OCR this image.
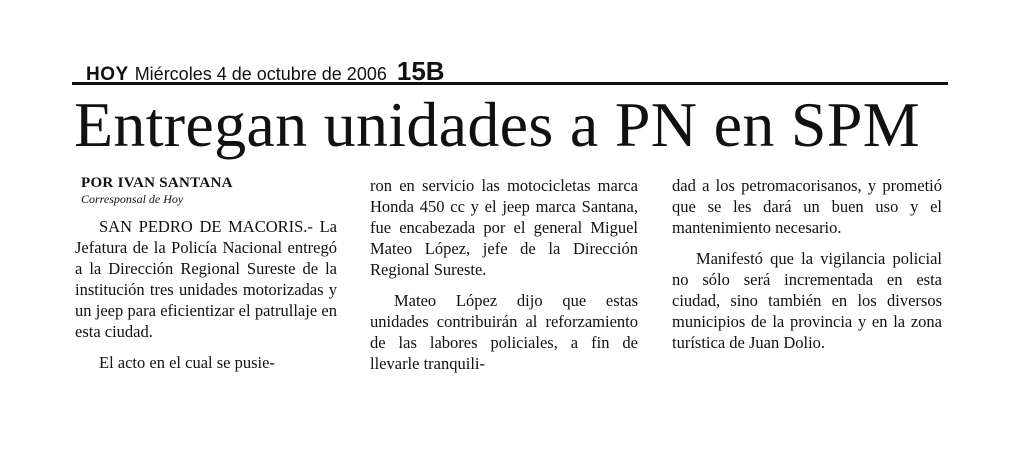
HOY Miércoles 4 de octubre de 2006 15B
Entregan unidades a PN en SPM
POR IVAN SANTANA
Corresponsal de Hoy

SAN PEDRO DE MACORIS.- La Jefatura de la Policía Nacional entregó a la Dirección Regional Sureste de la institución tres unidades motorizadas y un jeep para eficientizar el patrullaje en esta ciudad.

El acto en el cual se pusie-

ron en servicio las motocicletas marca Honda 450 cc y el jeep marca Santana, fue encabezada por el general Miguel Mateo López, jefe de la Dirección Regional Sureste.

Mateo López dijo que estas unidades contribuirán al reforzamiento de las labores policiales, a fin de llevarle tranquili-

dad a los petromacorisanos, y prometió que se les dará un buen uso y el mantenimiento necesario.

Manifestó que la vigilancia policial no sólo será incrementada en esta ciudad, sino también en los diversos municipios de la provincia y en la zona turística de Juan Dolio.
